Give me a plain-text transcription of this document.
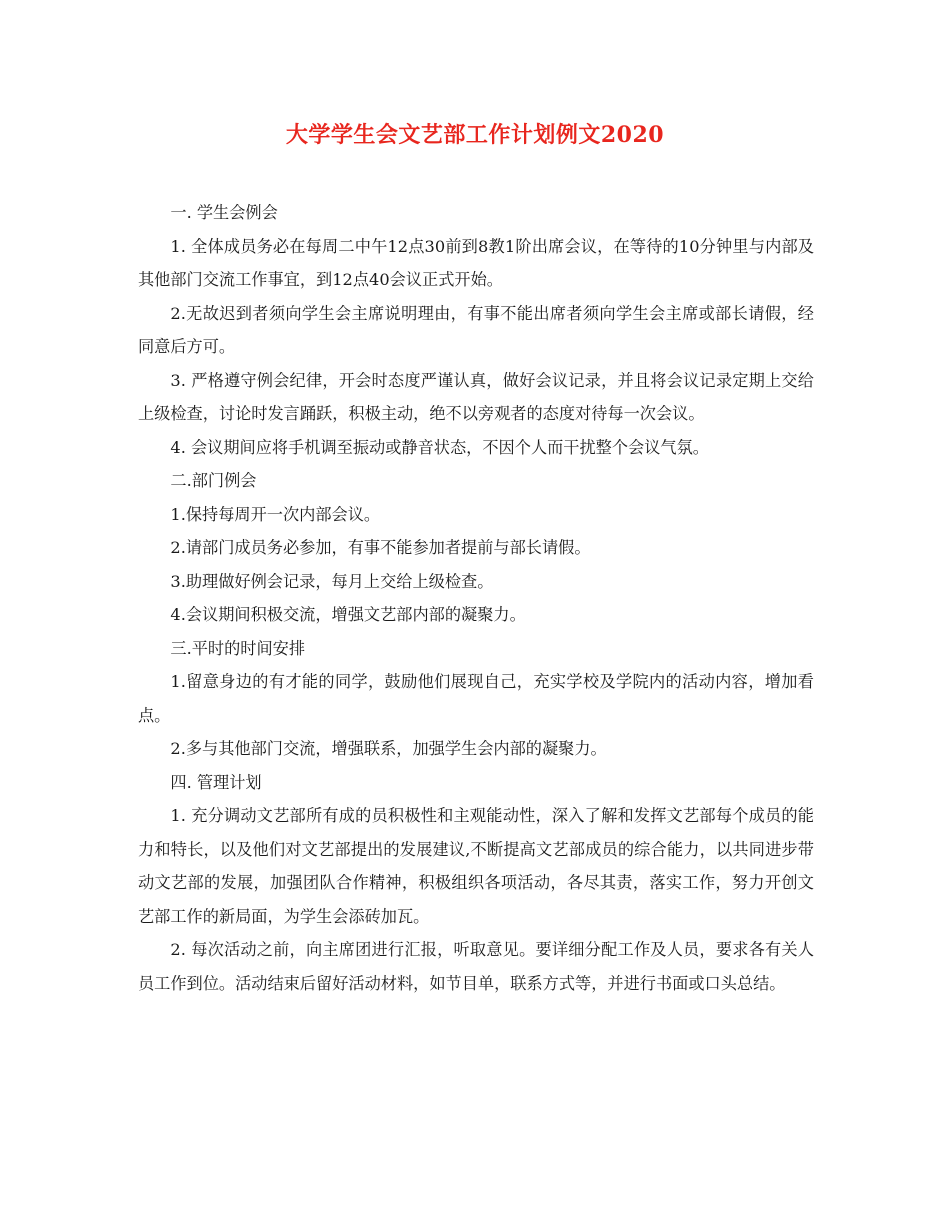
大学学生会文艺部工作计划例文2020

一. 学生会例会

1. 全体成员务必在每周二中午12点30前到8教1阶出席会议，在等待的10分钟里与内部及其他部门交流工作事宜，到12点40会议正式开始。

2.无故迟到者须向学生会主席说明理由，有事不能出席者须向学生会主席或部长请假，经同意后方可。

3. 严格遵守例会纪律，开会时态度严谨认真，做好会议记录，并且将会议记录定期上交给上级检查，讨论时发言踊跃，积极主动，绝不以旁观者的态度对待每一次会议。

4. 会议期间应将手机调至振动或静音状态，不因个人而干扰整个会议气氛。

二.部门例会

1.保持每周开一次内部会议。

2.请部门成员务必参加，有事不能参加者提前与部长请假。

3.助理做好例会记录，每月上交给上级检查。

4.会议期间积极交流，增强文艺部内部的凝聚力。

三.平时的时间安排

1.留意身边的有才能的同学，鼓励他们展现自己，充实学校及学院内的活动内容，增加看点。

2.多与其他部门交流，增强联系，加强学生会内部的凝聚力。

四. 管理计划

1. 充分调动文艺部所有成的员积极性和主观能动性，深入了解和发挥文艺部每个成员的能力和特长，以及他们对文艺部提出的发展建议,不断提高文艺部成员的综合能力，以共同进步带动文艺部的发展，加强团队合作精神，积极组织各项活动，各尽其责，落实工作，努力开创文艺部工作的新局面，为学生会添砖加瓦。

2. 每次活动之前，向主席团进行汇报，听取意见。要详细分配工作及人员，要求各有关人员工作到位。活动结束后留好活动材料，如节目单，联系方式等，并进行书面或口头总结。
